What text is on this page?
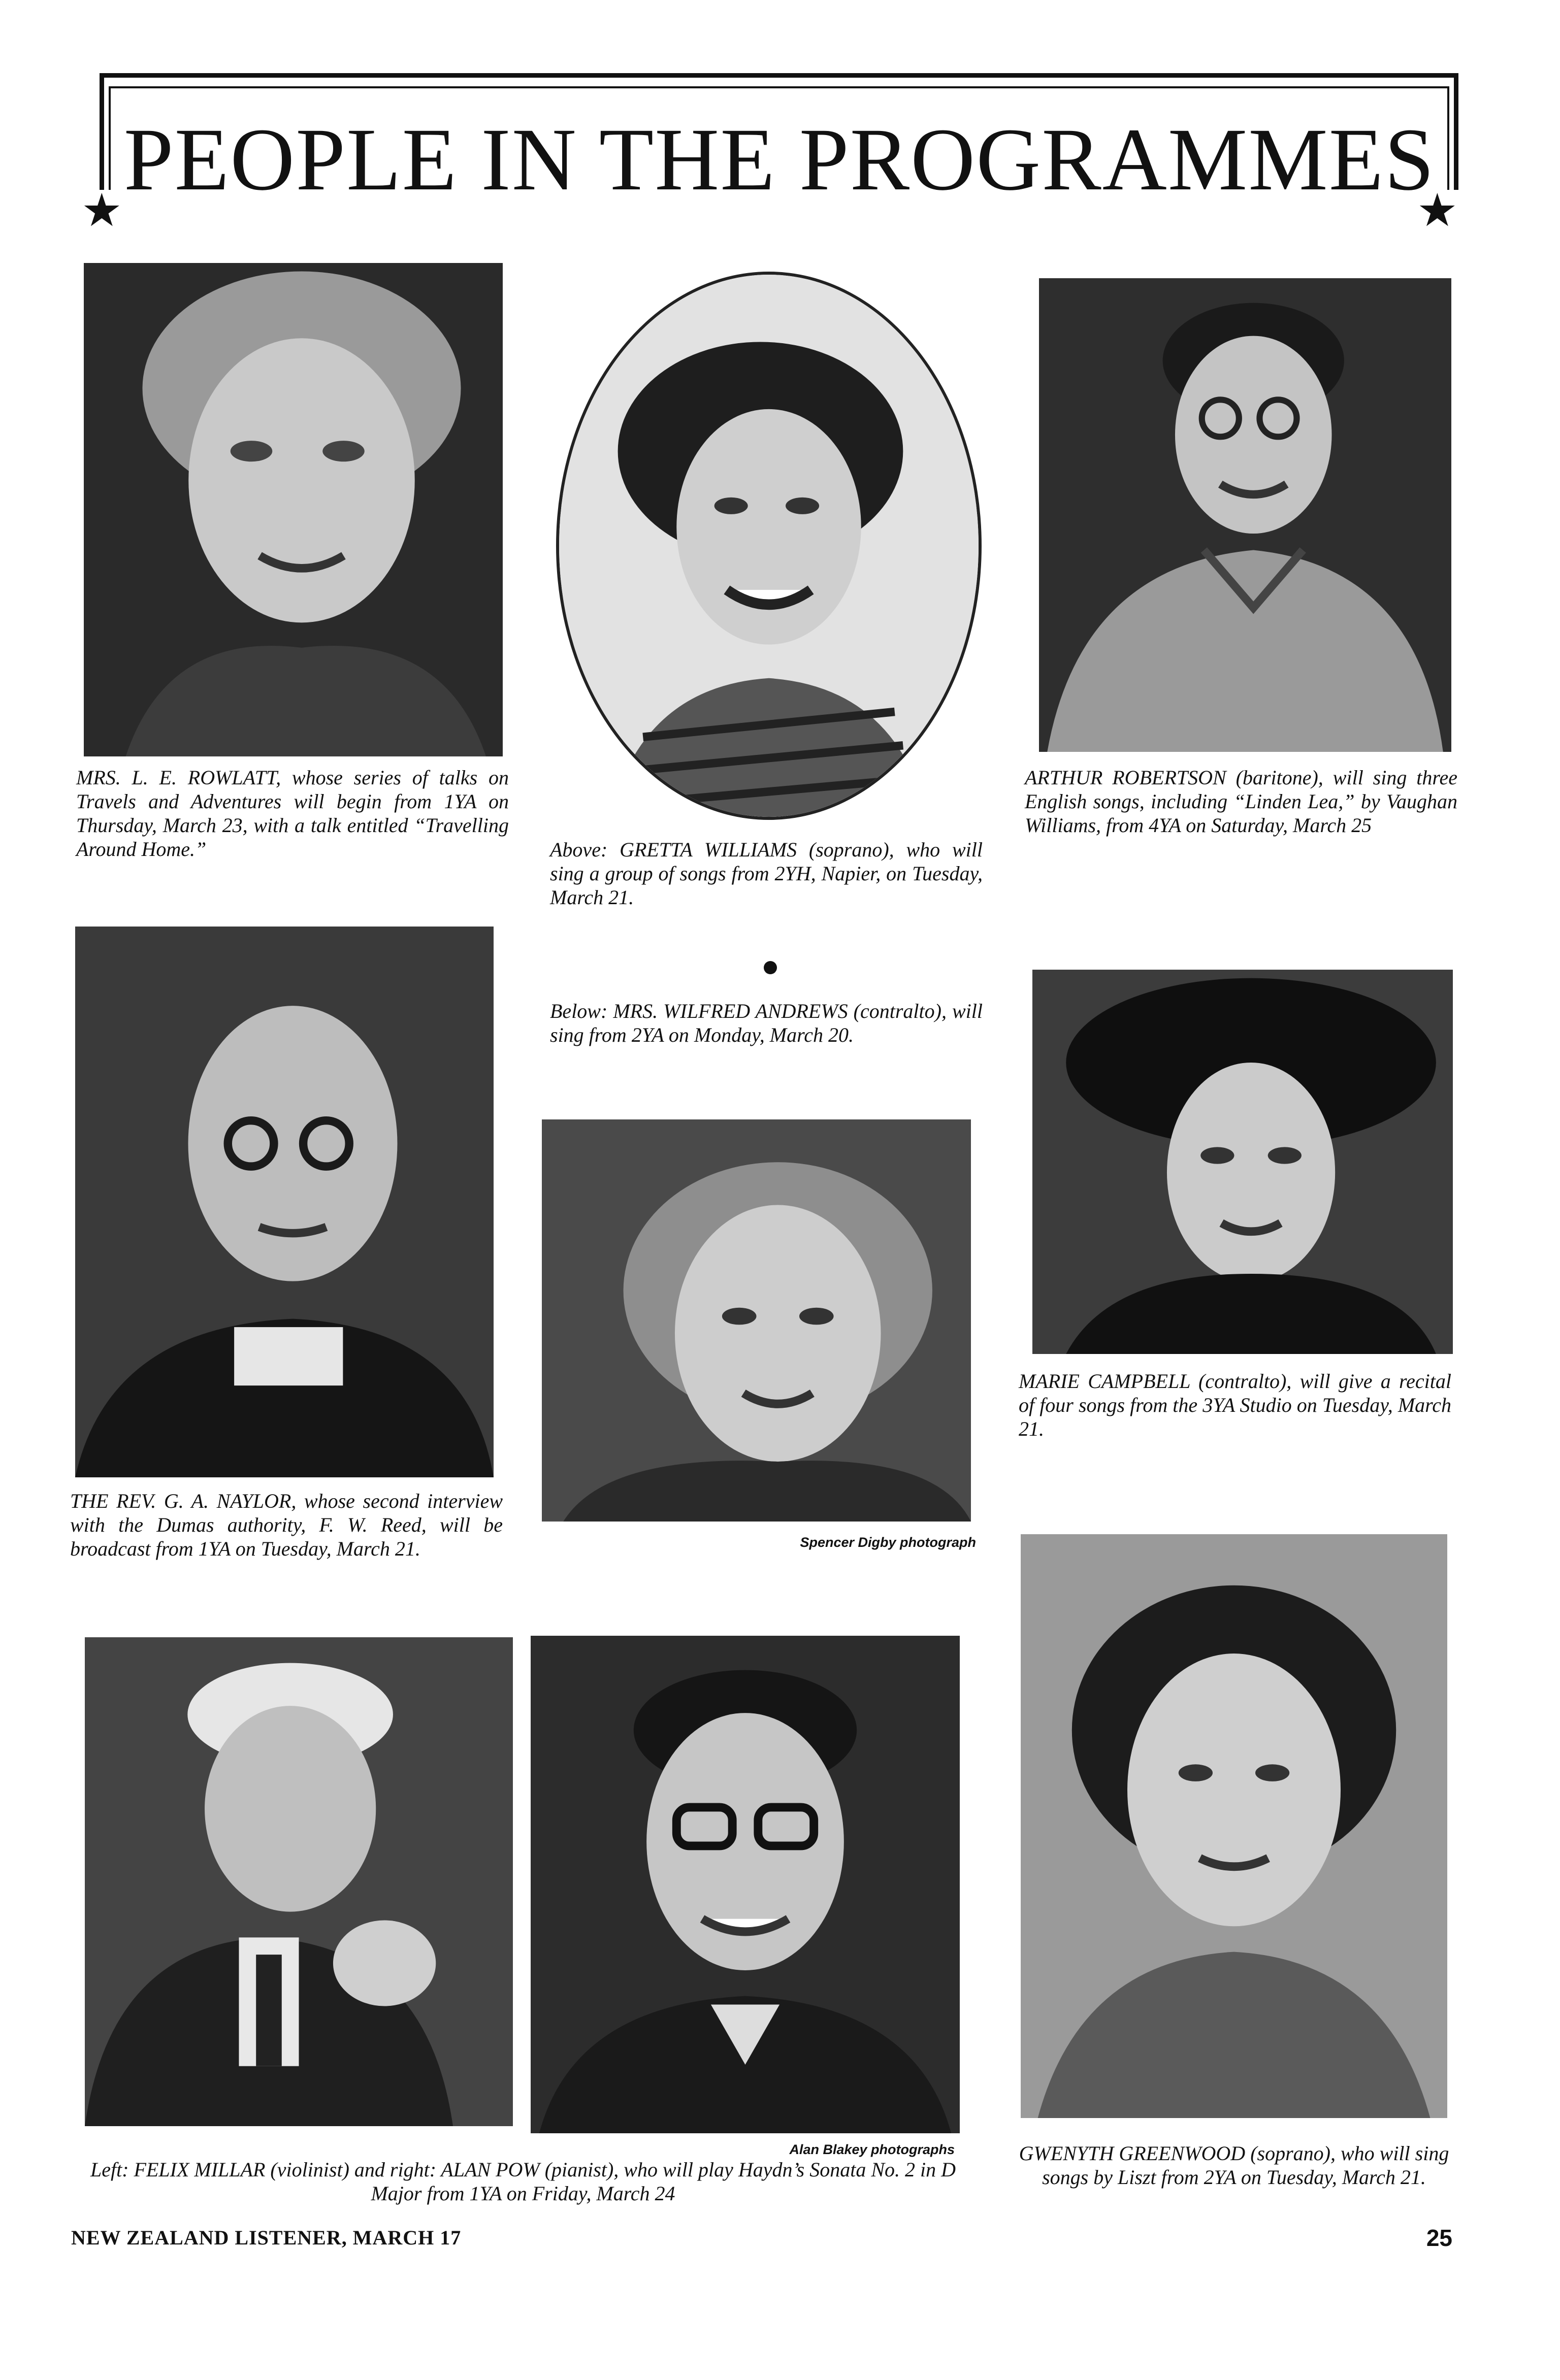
★	★
PEOPLE IN THE PROGRAMMES
MRS. L. E. ROWLATT, whose series of talks on Travels and Adventures will begin from 1YA on Thursday, March 23, with a talk entitled “Travelling Around Home.”	Above: GRETTA WILLIAMS (soprano), who will sing a group of songs from 2YH, Napier, on Tuesday, March 21.
ARTHUR ROBERTSON (baritone), will sing three English songs, including “Linden Lea,” by Vaughan Williams, from 4YA on Saturday, March 25
Below: MRS. WILFRED ANDREWS (contralto), will sing from 2YA on Monday, March 20.
Spencer Digby photograph
THE REV. G. A. NAYLOR, whose second interview with the Dumas authority, F. W. Reed, will be broadcast from 1YA on Tuesday, March 21.
MARIE CAMPBELL (contralto), will give a recital of four songs from the 3YA Studio on Tuesday, March 21.
Alan Blakey photographs
Left: FELIX MILLAR (violinist) and right: ALAN POW (pianist), who will play Haydn’s Sonata No. 2 in D Major from 1YA on Friday, March 24
GWENYTH GREENWOOD (soprano), who will sing songs by Liszt from 2YA on Tuesday, March 21.
NEW ZEALAND LISTENER, MARCH 17	25
